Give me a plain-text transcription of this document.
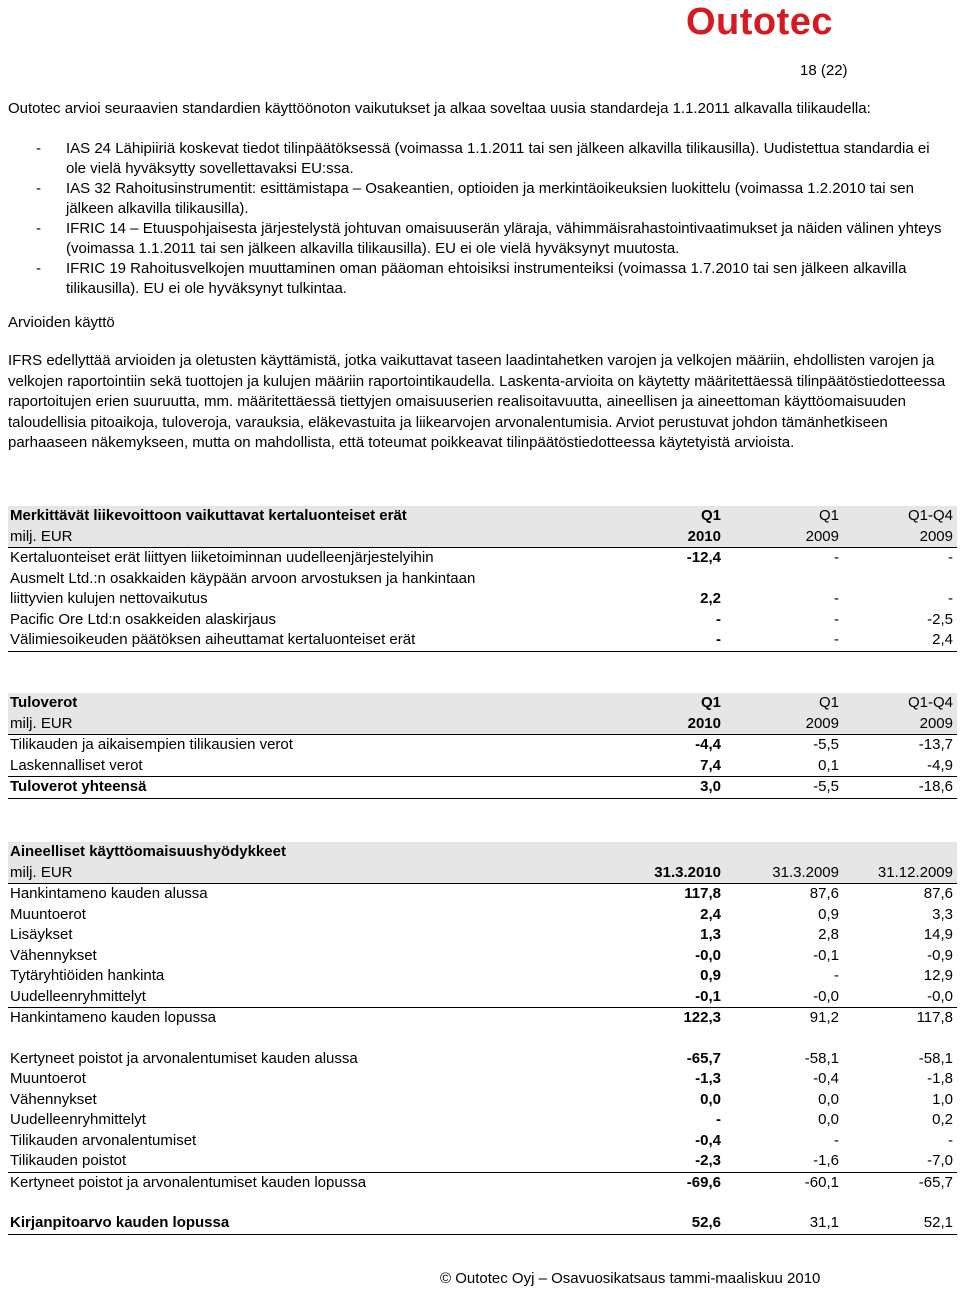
Outotec
18 (22)
Outotec arvioi seuraavien standardien käyttöönoton vaikutukset ja alkaa soveltaa uusia standardeja 1.1.2011 alkavalla tilikaudella:
- IAS 24 Lähipiiriä koskevat tiedot tilinpäätöksessä (voimassa 1.1.2011 tai sen jälkeen alkavilla tilikausilla). Uudistettua standardia ei ole vielä hyväksytty sovellettavaksi EU:ssa.
- IAS 32 Rahoitusinstrumentit: esittämistapa – Osakeantien, optioiden ja merkintäoikeuksien luokittelu (voimassa 1.2.2010 tai sen jälkeen alkavilla tilikausilla).
- IFRIC 14 – Etuuspohjaisesta järjestelystä johtuvan omaisuuserän yläraja, vähimmäisrahastointivaatimukset ja näiden välinen yhteys (voimassa 1.1.2011 tai sen jälkeen alkavilla tilikausilla). EU ei ole vielä hyväksynyt muutosta.
- IFRIC 19 Rahoitusvelkojen muuttaminen oman pääoman ehtoisiksi instrumenteiksi (voimassa 1.7.2010 tai sen jälkeen alkavilla tilikausilla). EU ei ole hyväksynyt tulkintaa.
Arvioiden käyttö
IFRS edellyttää arvioiden ja oletusten käyttämistä, jotka vaikuttavat taseen laadintahetken varojen ja velkojen määriin, ehdollisten varojen ja velkojen raportointiin sekä tuottojen ja kulujen määriin raportointikaudella. Laskenta-arvioita on käytetty määritettäessä tilinpäätöstiedotteessa raportoitujen erien suuruutta, mm. määritettäessä tiettyjen omaisuuserien realisoitavuutta, aineellisen ja aineettoman käyttöomaisuuden taloudellisia pitoaikoja, tuloveroja, varauksia, eläkevastuita ja liikearvojen arvonalentumisia. Arviot perustuvat johdon tämänhetkiseen parhaaseen näkemykseen, mutta on mahdollista, että toteumat poikkeavat tilinpäätöstiedotteessa käytetyistä arvioista.
Merkittävät liikevoittoon vaikuttavat kertaluonteiset erät	Q1	Q1	Q1-Q4
milj. EUR	2010	2009	2009
Kertaluonteiset erät liittyen liiketoiminnan uudelleenjärjestelyihin	-12,4	-	-
Ausmelt Ltd.:n osakkaiden käypään arvoon arvostuksen ja hankintaan			
liittyvien kulujen nettovaikutus	2,2	-	-
Pacific Ore Ltd:n osakkeiden alaskirjaus	-	-	-2,5
Välimiesoikeuden päätöksen aiheuttamat kertaluonteiset erät	-	-	2,4
Tuloverot	Q1	Q1	Q1-Q4
milj. EUR	2010	2009	2009
Tilikauden ja aikaisempien tilikausien verot	-4,4	-5,5	-13,7
Laskennalliset verot	7,4	0,1	-4,9
Tuloverot yhteensä	3,0	-5,5	-18,6
Aineelliset käyttöomaisuushyödykkeet			
milj. EUR	31.3.2010	31.3.2009	31.12.2009
Hankintameno kauden alussa	117,8	87,6	87,6
Muuntoerot	2,4	0,9	3,3
Lisäykset	1,3	2,8	14,9
Vähennykset	-0,0	-0,1	-0,9
Tytäryhtiöiden hankinta	0,9	-	12,9
Uudelleenryhmittelyt	-0,1	-0,0	-0,0
Hankintameno kauden lopussa	122,3	91,2	117,8

Kertyneet poistot ja arvonalentumiset kauden alussa	-65,7	-58,1	-58,1
Muuntoerot	-1,3	-0,4	-1,8
Vähennykset	0,0	0,0	1,0
Uudelleenryhmittelyt	-	0,0	0,2
Tilikauden arvonalentumiset	-0,4	-	-
Tilikauden poistot	-2,3	-1,6	-7,0
Kertyneet poistot ja arvonalentumiset kauden lopussa	-69,6	-60,1	-65,7

Kirjanpitoarvo kauden lopussa	52,6	31,1	52,1
© Outotec Oyj – Osavuosikatsaus tammi-maaliskuu 2010
